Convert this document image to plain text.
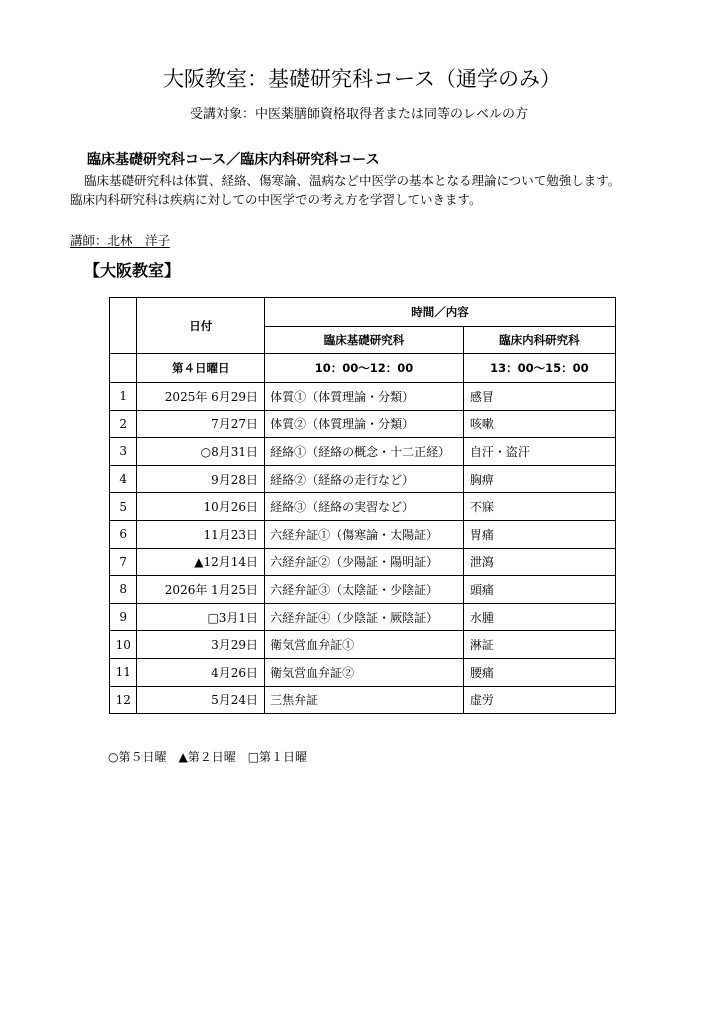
大阪教室：基礎研究科コース（通学のみ）
受講対象：中医薬膳師資格取得者または同等のレベルの方
臨床基礎研究科コース／臨床内科研究科コース
臨床基礎研究科は体質、経絡、傷寒論、温病など中医学の基本となる理論について勉強します。
臨床内科研究科は疾病に対しての中医学での考え方を学習していきます。
講師：北林　洋子
【大阪教室】
	日付	時間／内容	
		臨床基礎研究科	臨床内科研究科
	第４日曜日	10：00〜12：00	13：00〜15：00
1	2025年 6月29日	体質①（体質理論・分類）	感冒
2	7月27日	体質②（体質理論・分類）	咳嗽
3	○8月31日	経絡①（経絡の概念・十二正経）	自汗・盗汗
4	9月28日	経絡②（経絡の走行など）	胸痹
5	10月26日	経絡③（経絡の実習など）	不寐
6	11月23日	六経弁証①（傷寒論・太陽証）	胃痛
7	▲12月14日	六経弁証②（少陽証・陽明証）	泄瀉
8	2026年 1月25日	六経弁証③（太陰証・少陰証）	頭痛
9	□3月1日	六経弁証④（少陰証・厥陰証）	水腫
10	3月29日	衛気営血弁証①	淋証
11	4月26日	衛気営血弁証②	腰痛
12	5月24日	三焦弁証	虚労
○第５日曜　▲第２日曜　□第１日曜
